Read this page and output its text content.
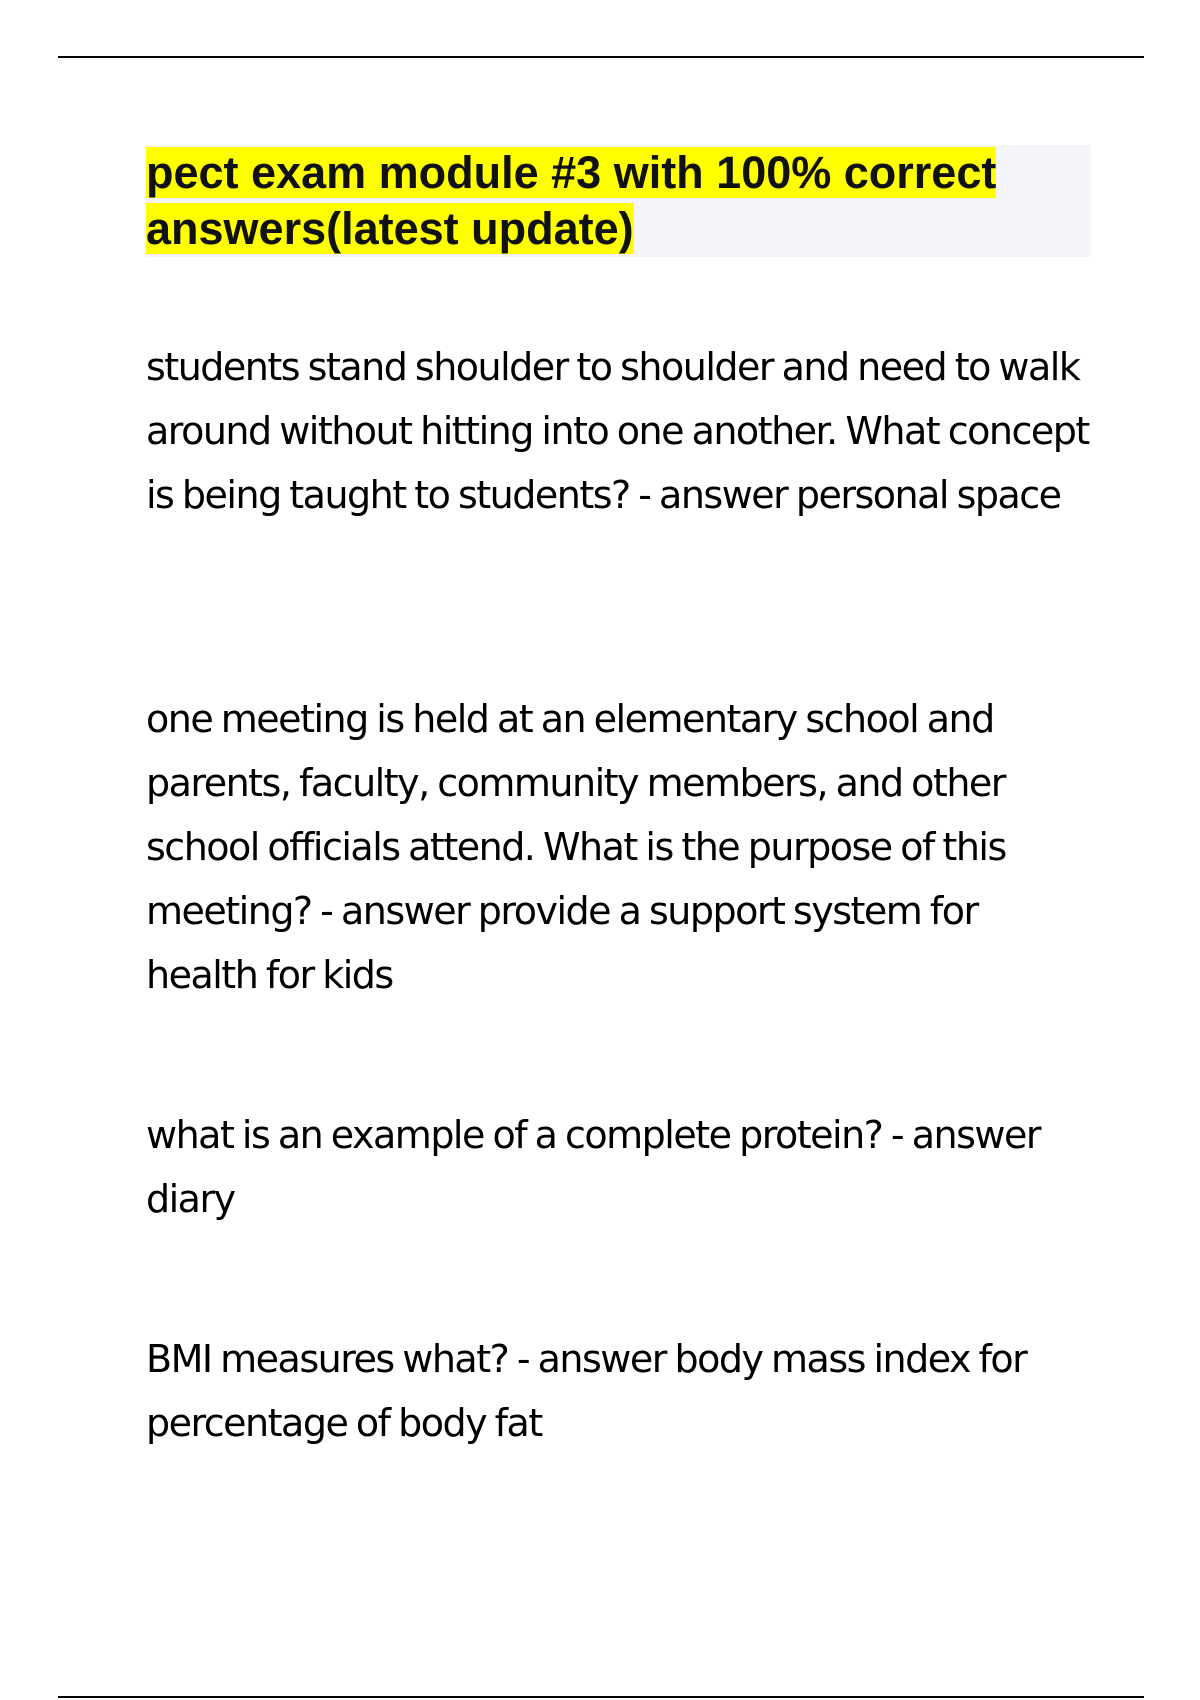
pect exam module #3 with 100% correct answers(latest update)

students stand shoulder to shoulder and need to walk around without hitting into one another. What concept is being taught to students? - answer personal space

one meeting is held at an elementary school and parents, faculty, community members, and other school officials attend. What is the purpose of this meeting? - answer provide a support system for health for kids

what is an example of a complete protein? - answer diary

BMI measures what? - answer body mass index for percentage of body fat
